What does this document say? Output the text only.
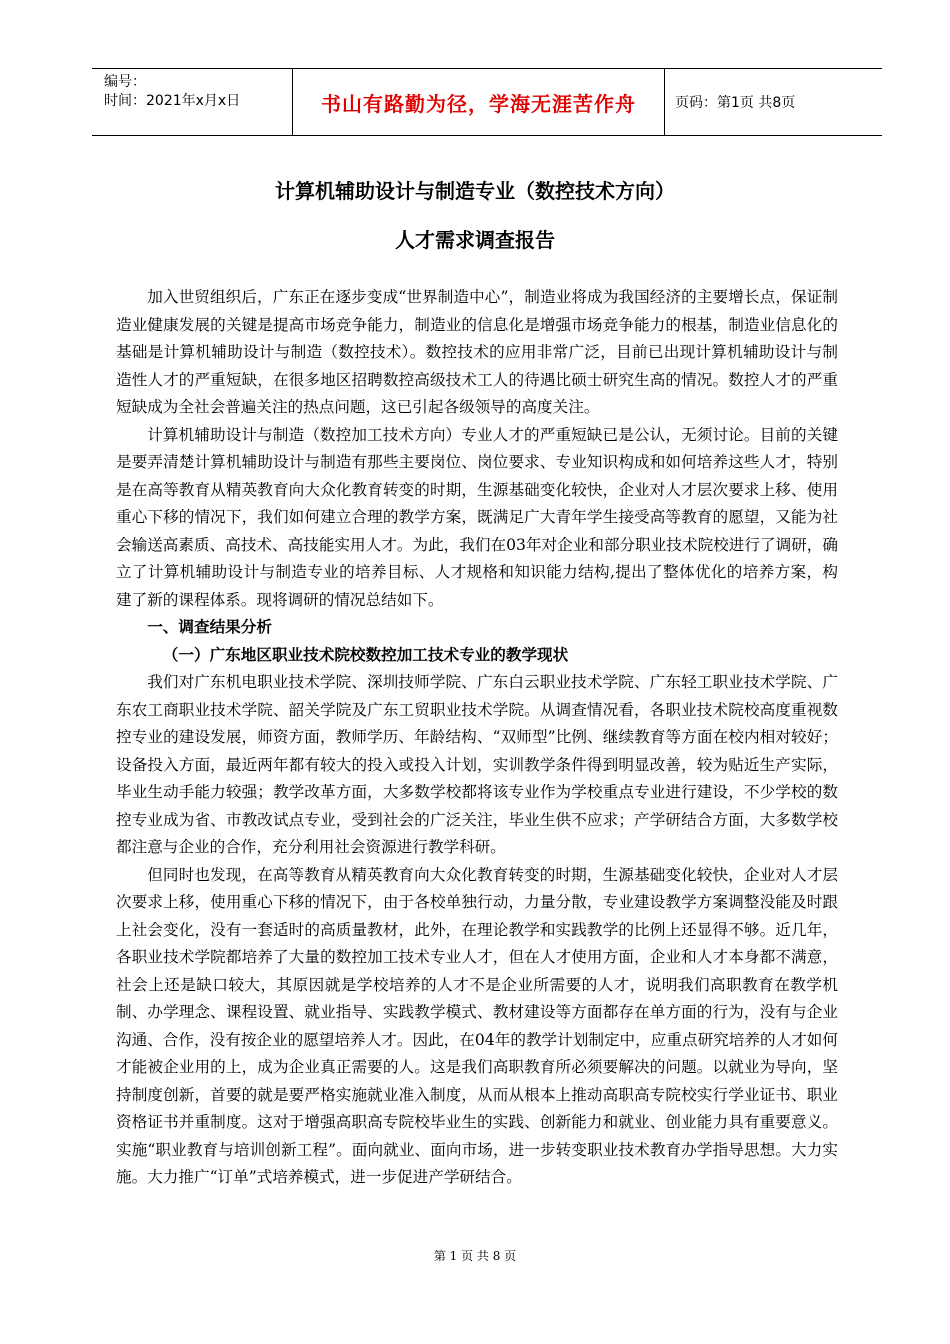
编号：
时间：2021年x月x日	书山有路勤为径，学海无涯苦作舟	页码：第1页 共8页
计算机辅助设计与制造专业（数控技术方向）
人才需求调查报告

加入世贸组织后，广东正在逐步变成“世界制造中心”，制造业将成为我国经济的主要增长点，保证制造业健康发展的关键是提高市场竞争能力，制造业的信息化是增强市场竞争能力的根基，制造业信息化的基础是计算机辅助设计与制造（数控技术）。数控技术的应用非常广泛，目前已出现计算机辅助设计与制造性人才的严重短缺，在很多地区招聘数控高级技术工人的待遇比硕士研究生高的情况。数控人才的严重短缺成为全社会普遍关注的热点问题，这已引起各级领导的高度关注。

计算机辅助设计与制造（数控加工技术方向）专业人才的严重短缺已是公认，无须讨论。目前的关键是要弄清楚计算机辅助设计与制造有那些主要岗位、岗位要求、专业知识构成和如何培养这些人才，特别是在高等教育从精英教育向大众化教育转变的时期，生源基础变化较快，企业对人才层次要求上移、使用重心下移的情况下，我们如何建立合理的教学方案，既满足广大青年学生接受高等教育的愿望，又能为社会输送高素质、高技术、高技能实用人才。为此，我们在03年对企业和部分职业技术院校进行了调研，确立了计算机辅助设计与制造专业的培养目标、人才规格和知识能力结构,提出了整体优化的培养方案，构建了新的课程体系。现将调研的情况总结如下。

一、调查结果分析
（一）广东地区职业技术院校数控加工技术专业的教学现状

我们对广东机电职业技术学院、深圳技师学院、广东白云职业技术学院、广东轻工职业技术学院、广东农工商职业技术学院、韶关学院及广东工贸职业技术学院。从调查情况看，各职业技术院校高度重视数控专业的建设发展，师资方面，教师学历、年龄结构、“双师型”比例、继续教育等方面在校内相对较好；设备投入方面，最近两年都有较大的投入或投入计划，实训教学条件得到明显改善，较为贴近生产实际，毕业生动手能力较强；教学改革方面，大多数学校都将该专业作为学校重点专业进行建设，不少学校的数控专业成为省、市教改试点专业，受到社会的广泛关注，毕业生供不应求；产学研结合方面，大多数学校都注意与企业的合作，充分利用社会资源进行教学科研。

但同时也发现，在高等教育从精英教育向大众化教育转变的时期，生源基础变化较快，企业对人才层次要求上移，使用重心下移的情况下，由于各校单独行动，力量分散，专业建设教学方案调整没能及时跟上社会变化，没有一套适时的高质量教材，此外，在理论教学和实践教学的比例上还显得不够。近几年，各职业技术学院都培养了大量的数控加工技术专业人才，但在人才使用方面，企业和人才本身都不满意，社会上还是缺口较大，其原因就是学校培养的人才不是企业所需要的人才，说明我们高职教育在教学机制、办学理念、课程设置、就业指导、实践教学模式、教材建设等方面都存在单方面的行为，没有与企业沟通、合作，没有按企业的愿望培养人才。因此，在04年的教学计划制定中，应重点研究培养的人才如何才能被企业用的上，成为企业真正需要的人。这是我们高职教育所必须要解决的问题。以就业为导向，坚持制度创新，首要的就是要严格实施就业准入制度，从而从根本上推动高职高专院校实行学业证书、职业资格证书并重制度。这对于增强高职高专院校毕业生的实践、创新能力和就业、创业能力具有重要意义。实施“职业教育与培训创新工程”。面向就业、面向市场，进一步转变职业技术教育办学指导思想。大力实施。大力推广“订单”式培养模式，进一步促进产学研结合。

第 1 页 共 8 页
